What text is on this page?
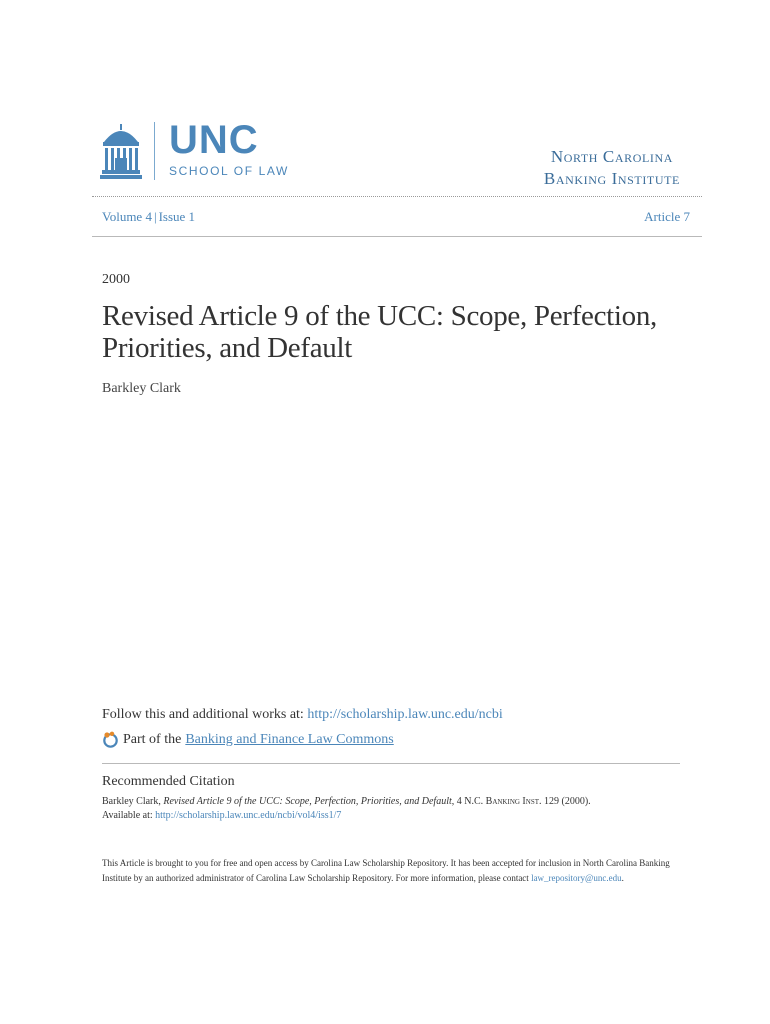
UNC
SCHOOL OF LAW
North Carolina
Banking Institute
Volume 4 | Issue 1	Article 7
2000
Revised Article 9 of the UCC: Scope, Perfection, Priorities, and Default
Barkley Clark
Follow this and additional works at: http://scholarship.law.unc.edu/ncbi
Part of the Banking and Finance Law Commons
Recommended Citation
Barkley Clark, Revised Article 9 of the UCC: Scope, Perfection, Priorities, and Default, 4 N.C. Banking Inst. 129 (2000).
Available at: http://scholarship.law.unc.edu/ncbi/vol4/iss1/7
This Article is brought to you for free and open access by Carolina Law Scholarship Repository. It has been accepted for inclusion in North Carolina Banking Institute by an authorized administrator of Carolina Law Scholarship Repository. For more information, please contact law_repository@unc.edu.
